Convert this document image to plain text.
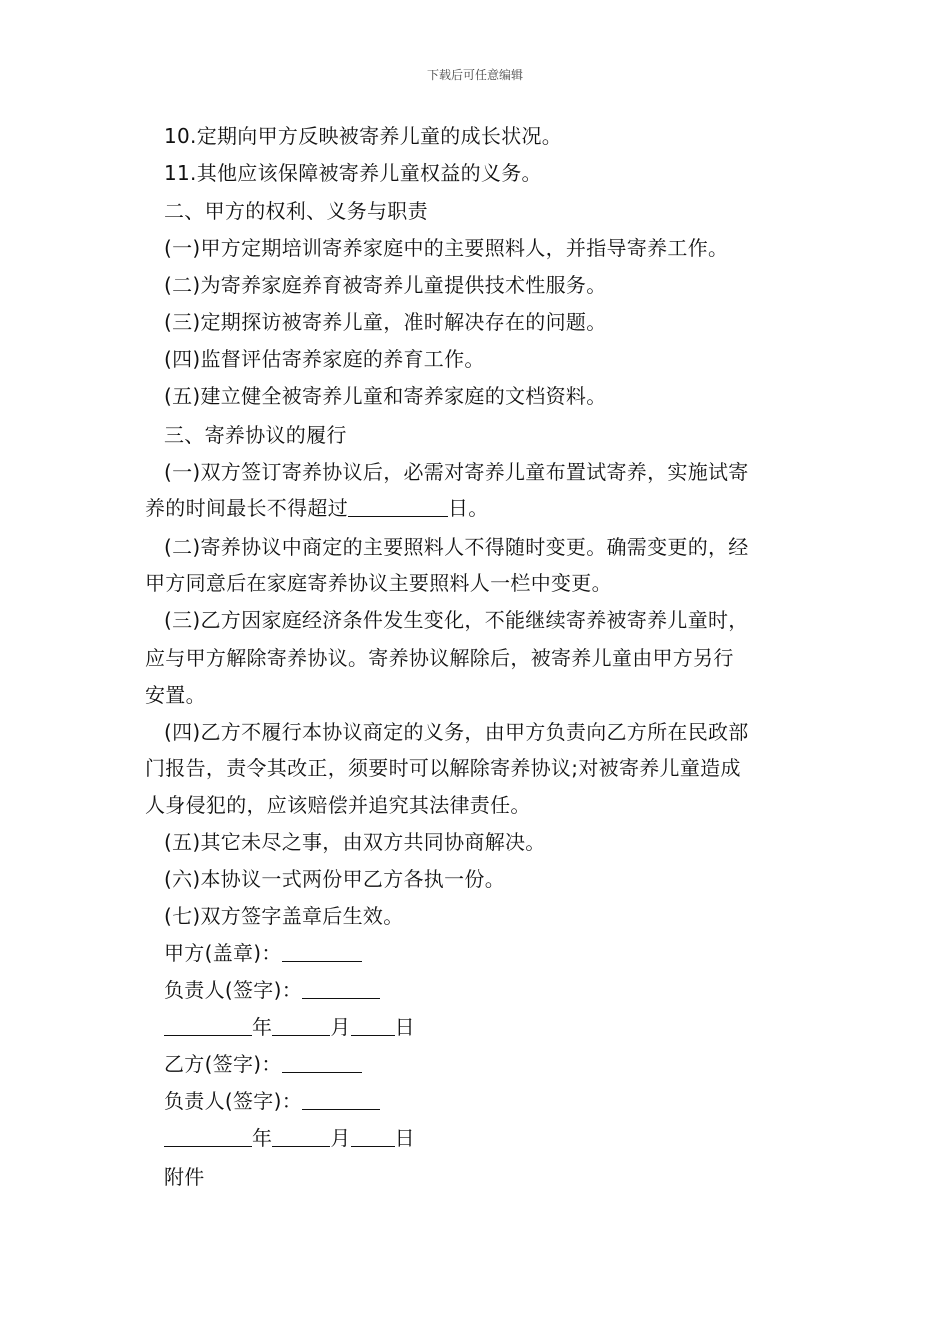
下载后可任意编辑
10.定期向甲方反映被寄养儿童的成长状况。
11.其他应该保障被寄养儿童权益的义务。
二、甲方的权利、义务与职责
(一)甲方定期培训寄养家庭中的主要照料人，并指导寄养工作。
(二)为寄养家庭养育被寄养儿童提供技术性服务。
(三)定期探访被寄养儿童，准时解决存在的问题。
(四)监督评估寄养家庭的养育工作。
(五)建立健全被寄养儿童和寄养家庭的文档资料。
三、寄养协议的履行
(一)双方签订寄养协议后，必需对寄养儿童布置试寄养，实施试寄
养的时间最长不得超过	日。
(二)寄养协议中商定的主要照料人不得随时变更。确需变更的，经
甲方同意后在家庭寄养协议主要照料人一栏中变更。
(三)乙方因家庭经济条件发生变化，不能继续寄养被寄养儿童时，
应与甲方解除寄养协议。寄养协议解除后，被寄养儿童由甲方另行
安置。
(四)乙方不履行本协议商定的义务，由甲方负责向乙方所在民政部
门报告，责令其改正，须要时可以解除寄养协议;对被寄养儿童造成
人身侵犯的，应该赔偿并追究其法律责任。
(五)其它未尽之事，由双方共同协商解决。
(六)本协议一式两份甲乙方各执一份。
(七)双方签字盖章后生效。
甲方(盖章)：
负责人(签字)：
年	月 日
乙方(签字)：
负责人(签字)：
年	月 日
附件
